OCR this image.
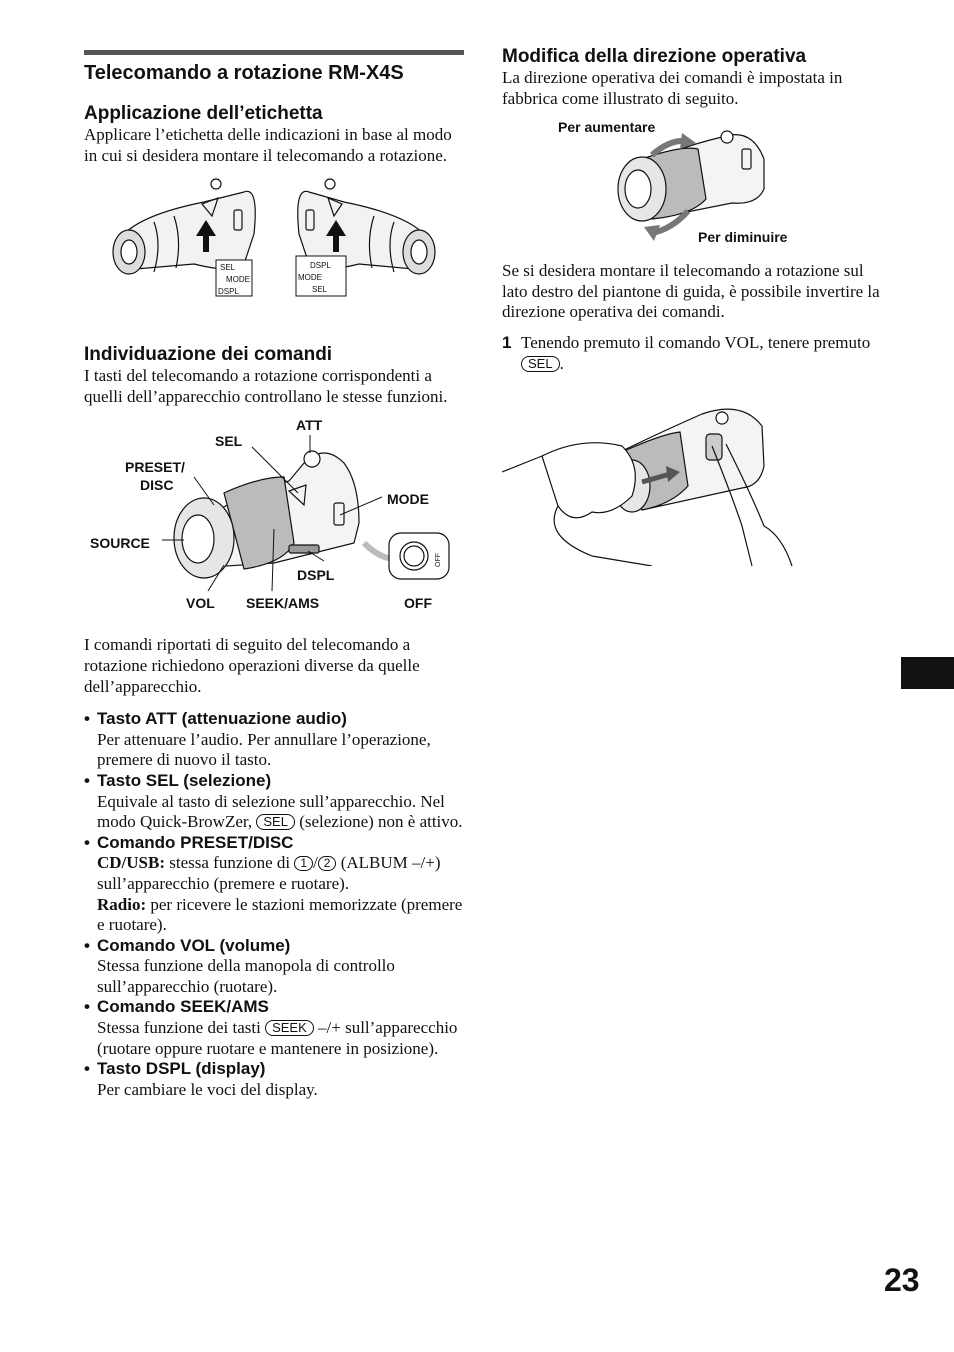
Telecomando a rotazione RM-X4S
Applicazione dell’etichetta

Applicare l’etichetta delle indicazioni in base al modo in cui si desidera montare il telecomando a rotazione.

SEL
MODE
DSPL
DSPL
MODE
SEL
Individuazione dei comandi

I tasti del telecomando a rotazione corrispondenti a quelli dell’apparecchio controllano le stesse funzioni.

ATT
SEL
PRESET/
DISC
MODE
SOURCE
DSPL
VOL SEEK/AMS	OFF
OFF

I comandi riportati di seguito del telecomando a rotazione richiedono operazioni diverse da quelle dell’apparecchio.

• Tasto ATT (attenuazione audio)

Per attenuare l’audio. Per annullare l’operazione, premere di nuovo il tasto.

• Tasto SEL (selezione)

Equivale al tasto di selezione sull’apparecchio. Nel modo Quick-BrowZer, SEL (selezione) non è attivo.

• Comando PRESET/DISC

CD/USB: stessa funzione di 1 / 2 (ALBUM –/+) sull’apparecchio (premere e ruotare).

Radio: per ricevere le stazioni memorizzate (premere e ruotare).

• Comando VOL (volume)

Stessa funzione della manopola di controllo sull’apparecchio (ruotare).

• Comando SEEK/AMS

Stessa funzione dei tasti SEEK –/+ sull’apparecchio (ruotare oppure ruotare e mantenere in posizione).

• Tasto DSPL (display)

Per cambiare le voci del display.

Modifica della direzione operativa

La direzione operativa dei comandi è impostata in fabbrica come illustrato di seguito.

Per aumentare
Per diminuire

Se si desidera montare il telecomando a rotazione sul lato destro del piantone di guida, è possibile invertire la direzione operativa dei comandi.

1 Tenendo premuto il comando VOL, tenere premuto SEL .

23
